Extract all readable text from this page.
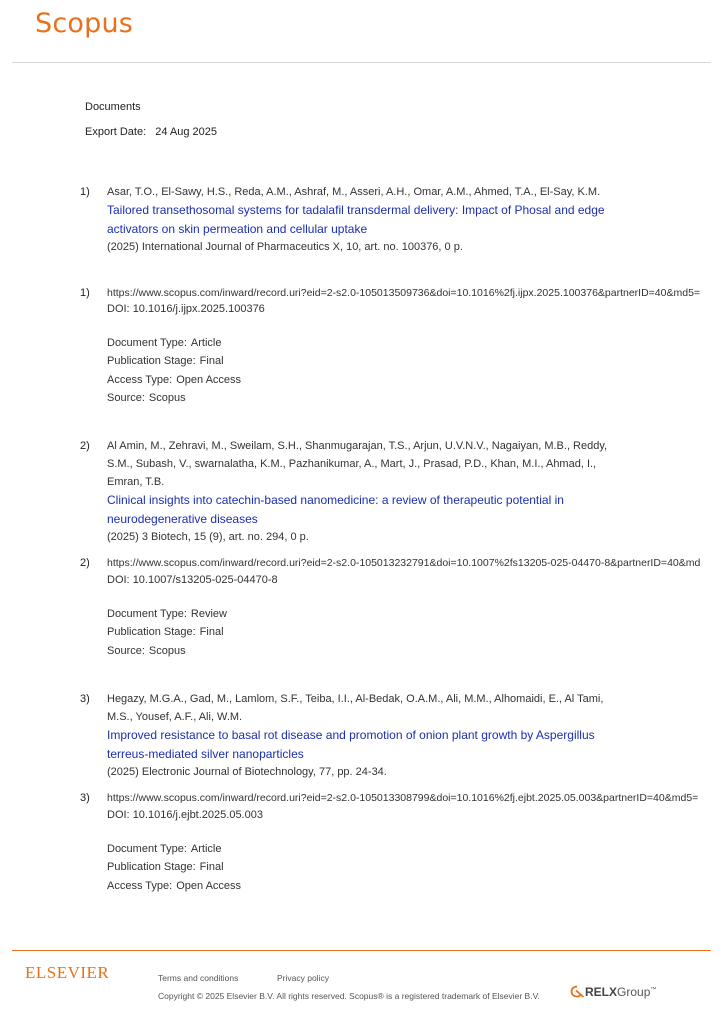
Scopus
Documents
Export Date: 24 Aug 2025
1) Asar, T.O., El-Sawy, H.S., Reda, A.M., Ashraf, M., Asseri, A.H., Omar, A.M., Ahmed, T.A., El-Say, K.M.
Tailored transethosomal systems for tadalafil transdermal delivery: Impact of Phosal and edge activators on skin permeation and cellular uptake
(2025) International Journal of Pharmaceutics X, 10, art. no. 100376, 0 p.
1) https://www.scopus.com/inward/record.uri?eid=2-s2.0-105013509736&doi=10.1016%2fj.ijpx.2025.100376&partnerID=40&md5=
DOI: 10.1016/j.ijpx.2025.100376
Document Type: Article
Publication Stage: Final
Access Type: Open Access
Source: Scopus
2) Al Amin, M., Zehravi, M., Sweilam, S.H., Shanmugarajan, T.S., Arjun, U.V.N.V., Nagaiyan, M.B., Reddy, S.M., Subash, V., swarnalatha, K.M., Pazhanikumar, A., Mart, J., Prasad, P.D., Khan, M.I., Ahmad, I., Emran, T.B.
Clinical insights into catechin-based nanomedicine: a review of therapeutic potential in neurodegenerative diseases
(2025) 3 Biotech, 15 (9), art. no. 294, 0 p.
2) https://www.scopus.com/inward/record.uri?eid=2-s2.0-105013232791&doi=10.1007%2fs13205-025-04470-8&partnerID=40&md
DOI: 10.1007/s13205-025-04470-8
Document Type: Review
Publication Stage: Final
Source: Scopus
3) Hegazy, M.G.A., Gad, M., Lamlom, S.F., Teiba, I.I., Al-Bedak, O.A.M., Ali, M.M., Alhomaidi, E., Al Tami, M.S., Yousef, A.F., Ali, W.M.
Improved resistance to basal rot disease and promotion of onion plant growth by Aspergillus terreus-mediated silver nanoparticles
(2025) Electronic Journal of Biotechnology, 77, pp. 24-34.
3) https://www.scopus.com/inward/record.uri?eid=2-s2.0-105013308799&doi=10.1016%2fj.ejbt.2025.05.003&partnerID=40&md5=
DOI: 10.1016/j.ejbt.2025.05.003
Document Type: Article
Publication Stage: Final
Access Type: Open Access
ELSEVIER	Terms and conditions	Privacy policy
Copyright © 2025 Elsevier B.V. All rights reserved. Scopus® is a registered trademark of Elsevier B.V.	RELXGroup™
